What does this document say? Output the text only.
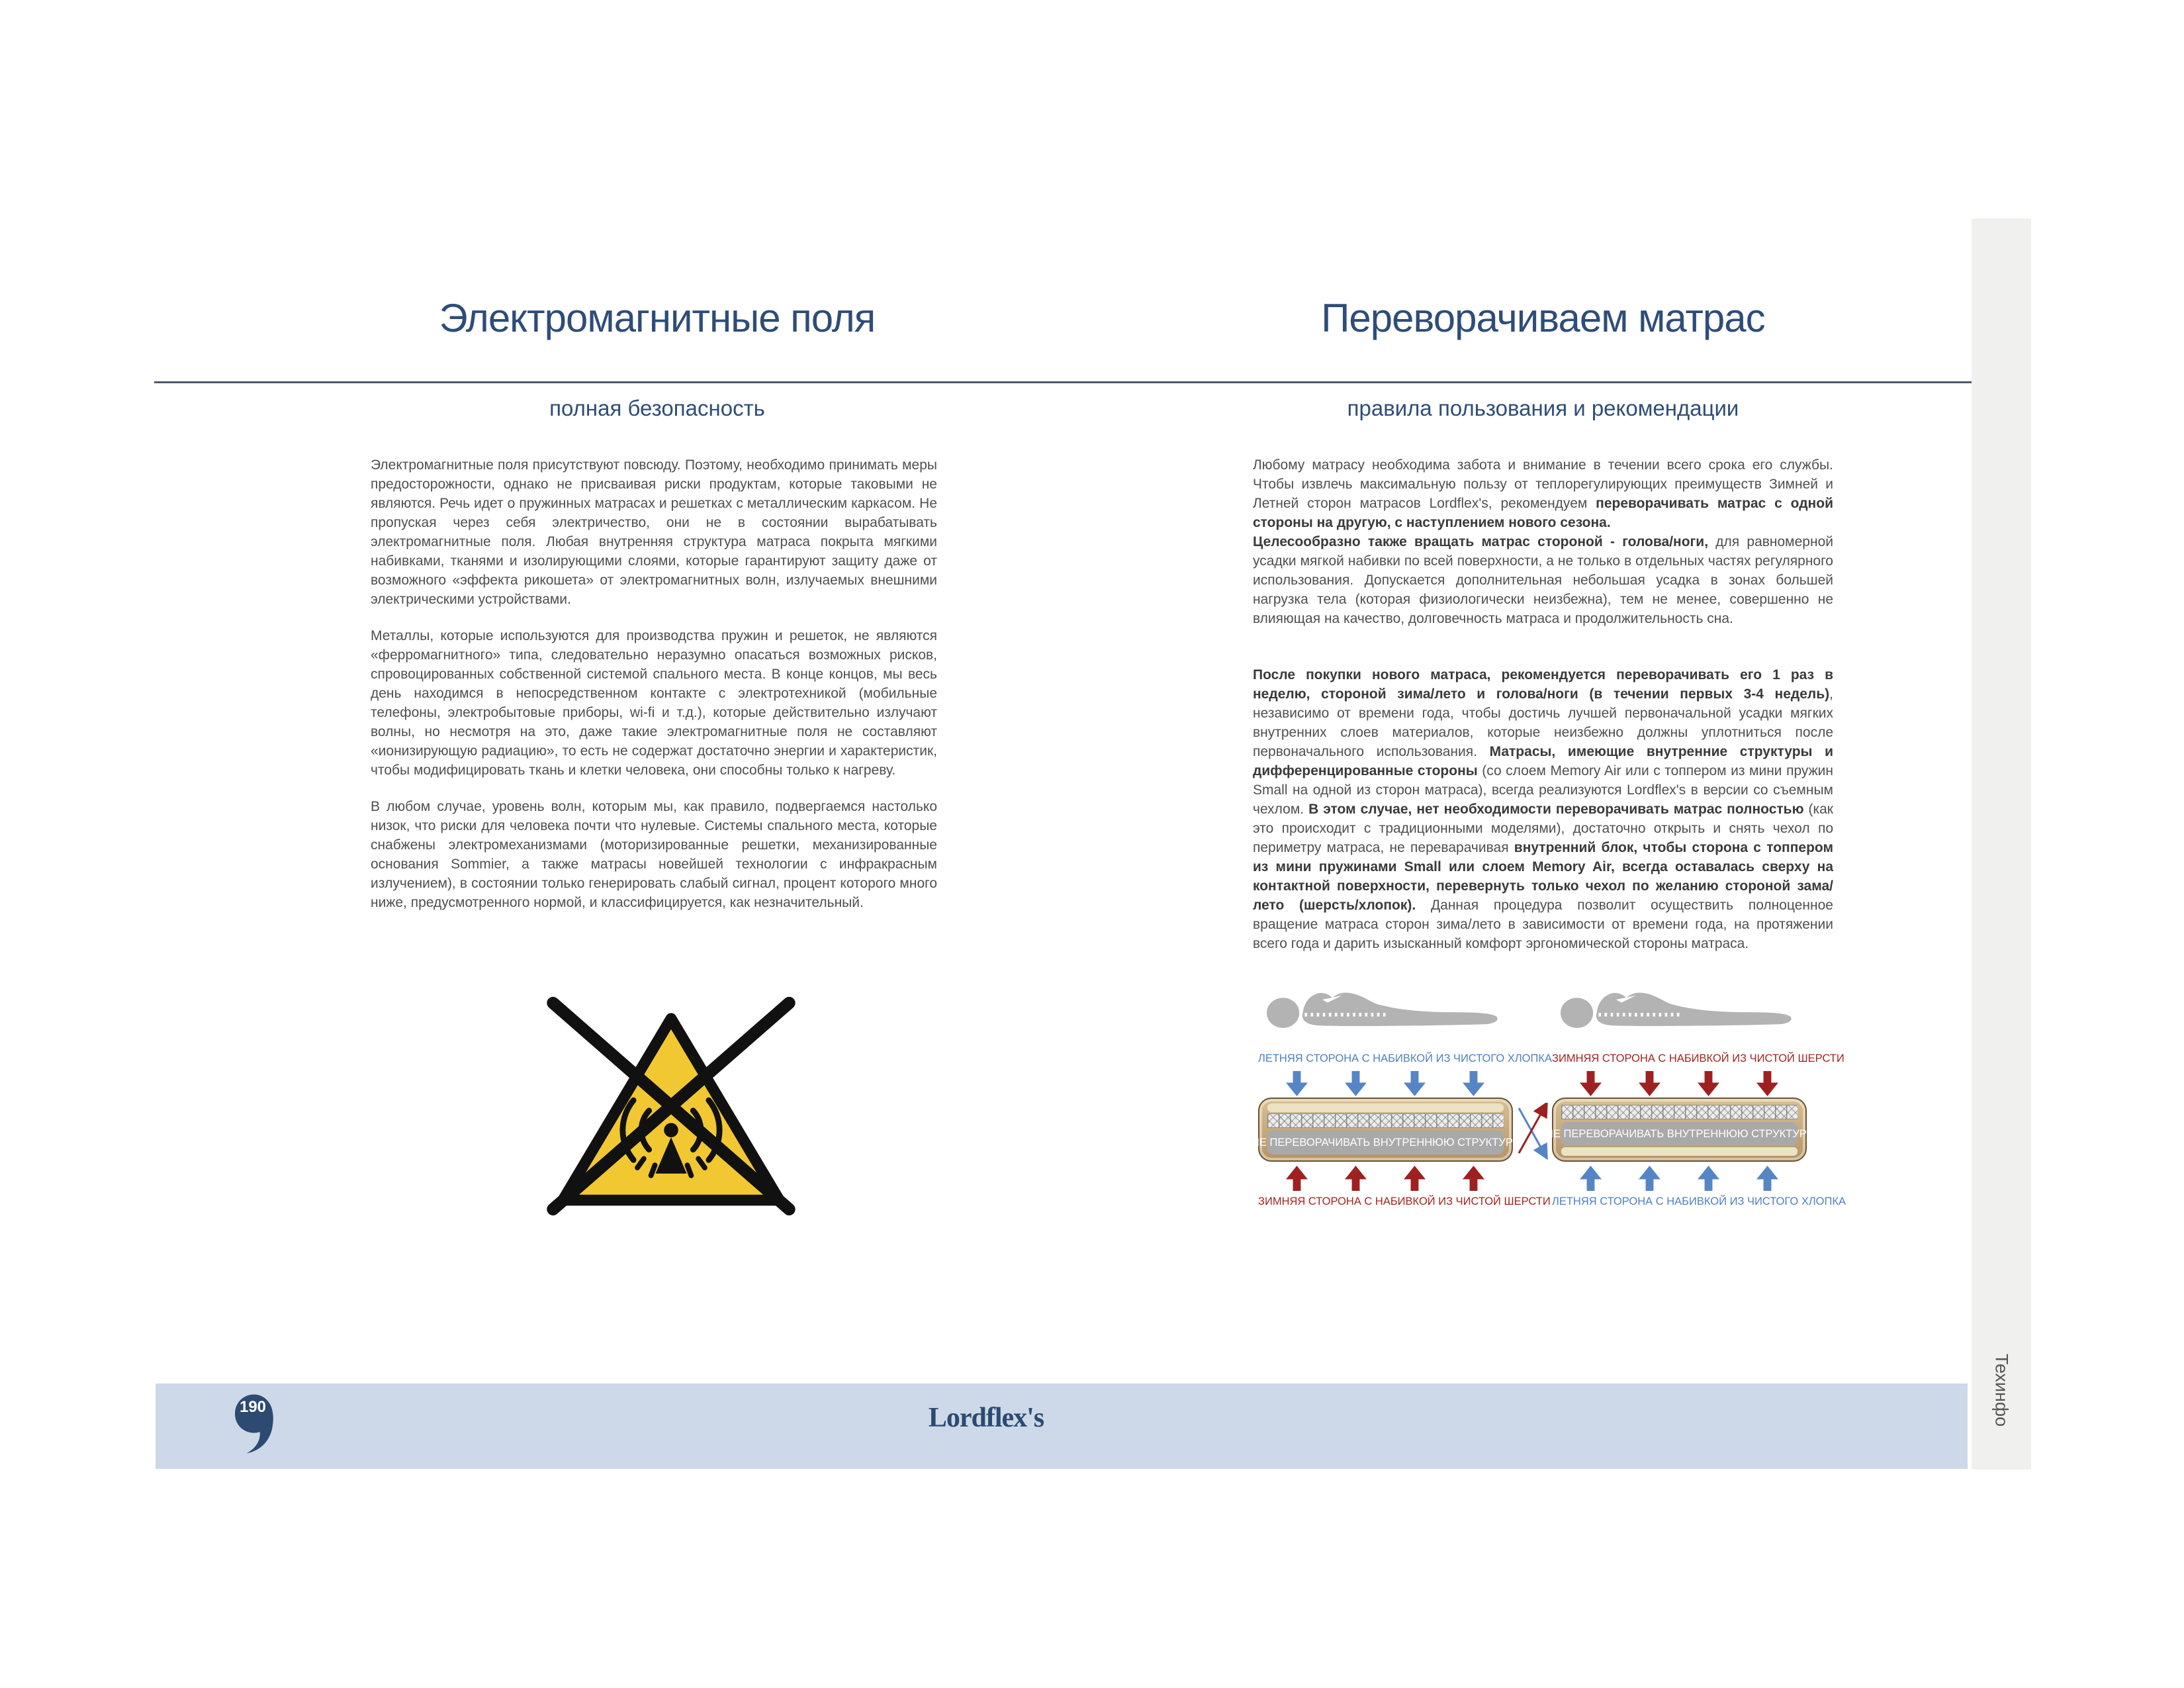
Электромагнитные поля	Переворачиваем матрас
полная безопасность	правила пользования и рекомендации

Электромагнитные поля присутствуют повсюду. Поэтому, необходимо принимать меры предосторожности, однако не присваивая риски продуктам, которые таковыми не являются. Речь идет о пружинных матрасах и решетках с металлическим каркасом. Не пропуская через себя электричество, они не в состоянии вырабатывать электромагнитные поля. Любая внутренняя структура матраса покрыта мягкими набивками, тканями и изолирующими слоями, которые гарантируют защиту даже от возможного «эффекта рикошета» от электромагнитных волн, излучаемых внешними электрическими устройствами.

Металлы, которые используются для производства пружин и решеток, не являются «ферромагнитного» типа, следовательно неразумно опасаться возможных рисков, спровоцированных собственной системой спального места. В конце концов, мы весь день находимся в непосредственном контакте с электротехникой (мобильные телефоны, электробытовые приборы, wi-fi и т.д.), которые действительно излучают волны, но несмотря на это, даже такие электромагнитные поля не составляют «ионизирующую радиацию», то есть не содержат достаточно энергии и характеристик, чтобы модифицировать ткань и клетки человека, они способны только к нагреву.

В любом случае, уровень волн, которым мы, как правило, подвергаемся настолько низок, что риски для человека почти что нулевые. Системы спального места, которые снабжены электромеханизмами (моторизированные решетки, механизированные основания Sommier, а также матрасы новейшей технологии с инфракрасным излучением), в состоянии только генерировать слабый сигнал, процент которого много ниже, предусмотренного нормой, и классифицируется, как незначительный.

Любому матрасу необходима забота и внимание в течении всего срока его службы. Чтобы извлечь максимальную пользу от теплорегулирующих преимуществ Зимней и Летней сторон матрасов Lordflex's, рекомендуем переворачивать матрас с одной стороны на другую, с наступлением нового сезона.

Целесообразно также вращать матрас стороной - голова/ноги, для равномерной усадки мягкой набивки по всей поверхности, а не только в отдельных частях регулярного использования. Допускается дополнительная небольшая усадка в зонах большей нагрузка тела (которая физиологически неизбежна), тем не менее, совершенно не влияющая на качество, долговечность матраса и продолжительность сна.

После покупки нового матраса, рекомендуется переворачивать его 1 раз в неделю, стороной зима/лето и голова/ноги (в течении первых 3-4 недель), независимо от времени года, чтобы достичь лучшей первоначальной усадки мягких внутренних слоев материалов, которые неизбежно должны уплотниться после первоначального использования. Матрасы, имеющие внутренние структуры и дифференцированные стороны (со слоем Memory Air или с топпером из мини пружин Small на одной из сторон матраса), всегда реализуются Lordflex's в версии со съемным чехлом. В этом случае, нет необходимости переворачивать матрас полностью (как это происходит с традиционными моделями), достаточно открыть и снять чехол по периметру матраса, не переварачивая внутренний блок, чтобы сторона с топпером из мини пружинами Small или слоем Memory Air, всегда оставалась сверху на контактной поверхности, перевернуть только чехол по желанию стороной зама/лето (шерсть/хлопок). Данная процедура позволит осуществить полноценное вращение матраса сторон зима/лето в зависимости от времени года, на протяжении всего года и дарить изысканный комфорт эргономической стороны матраса.

ЛЕТНЯЯ СТОРОНА С НАБИВКОЙ ИЗ ЧИСТОГО ХЛОПКА
НЕ ПЕРЕВОРАЧИВАТЬ ВНУТРЕННЮЮ СТРУКТУРУ
ЗИМНЯЯ СТОРОНА С НАБИВКОЙ ИЗ ЧИСТОЙ ШЕРСТИ
ЗИМНЯЯ СТОРОНА С НАБИВКОЙ ИЗ ЧИСТОЙ ШЕРСТИ
НЕ ПЕРЕВОРАЧИВАТЬ ВНУТРЕННЮЮ СТРУКТУРУ
ЛЕТНЯЯ СТОРОНА С НАБИВКОЙ ИЗ ЧИСТОГО ХЛОПКА
190	Lordflex's	Техинфо
